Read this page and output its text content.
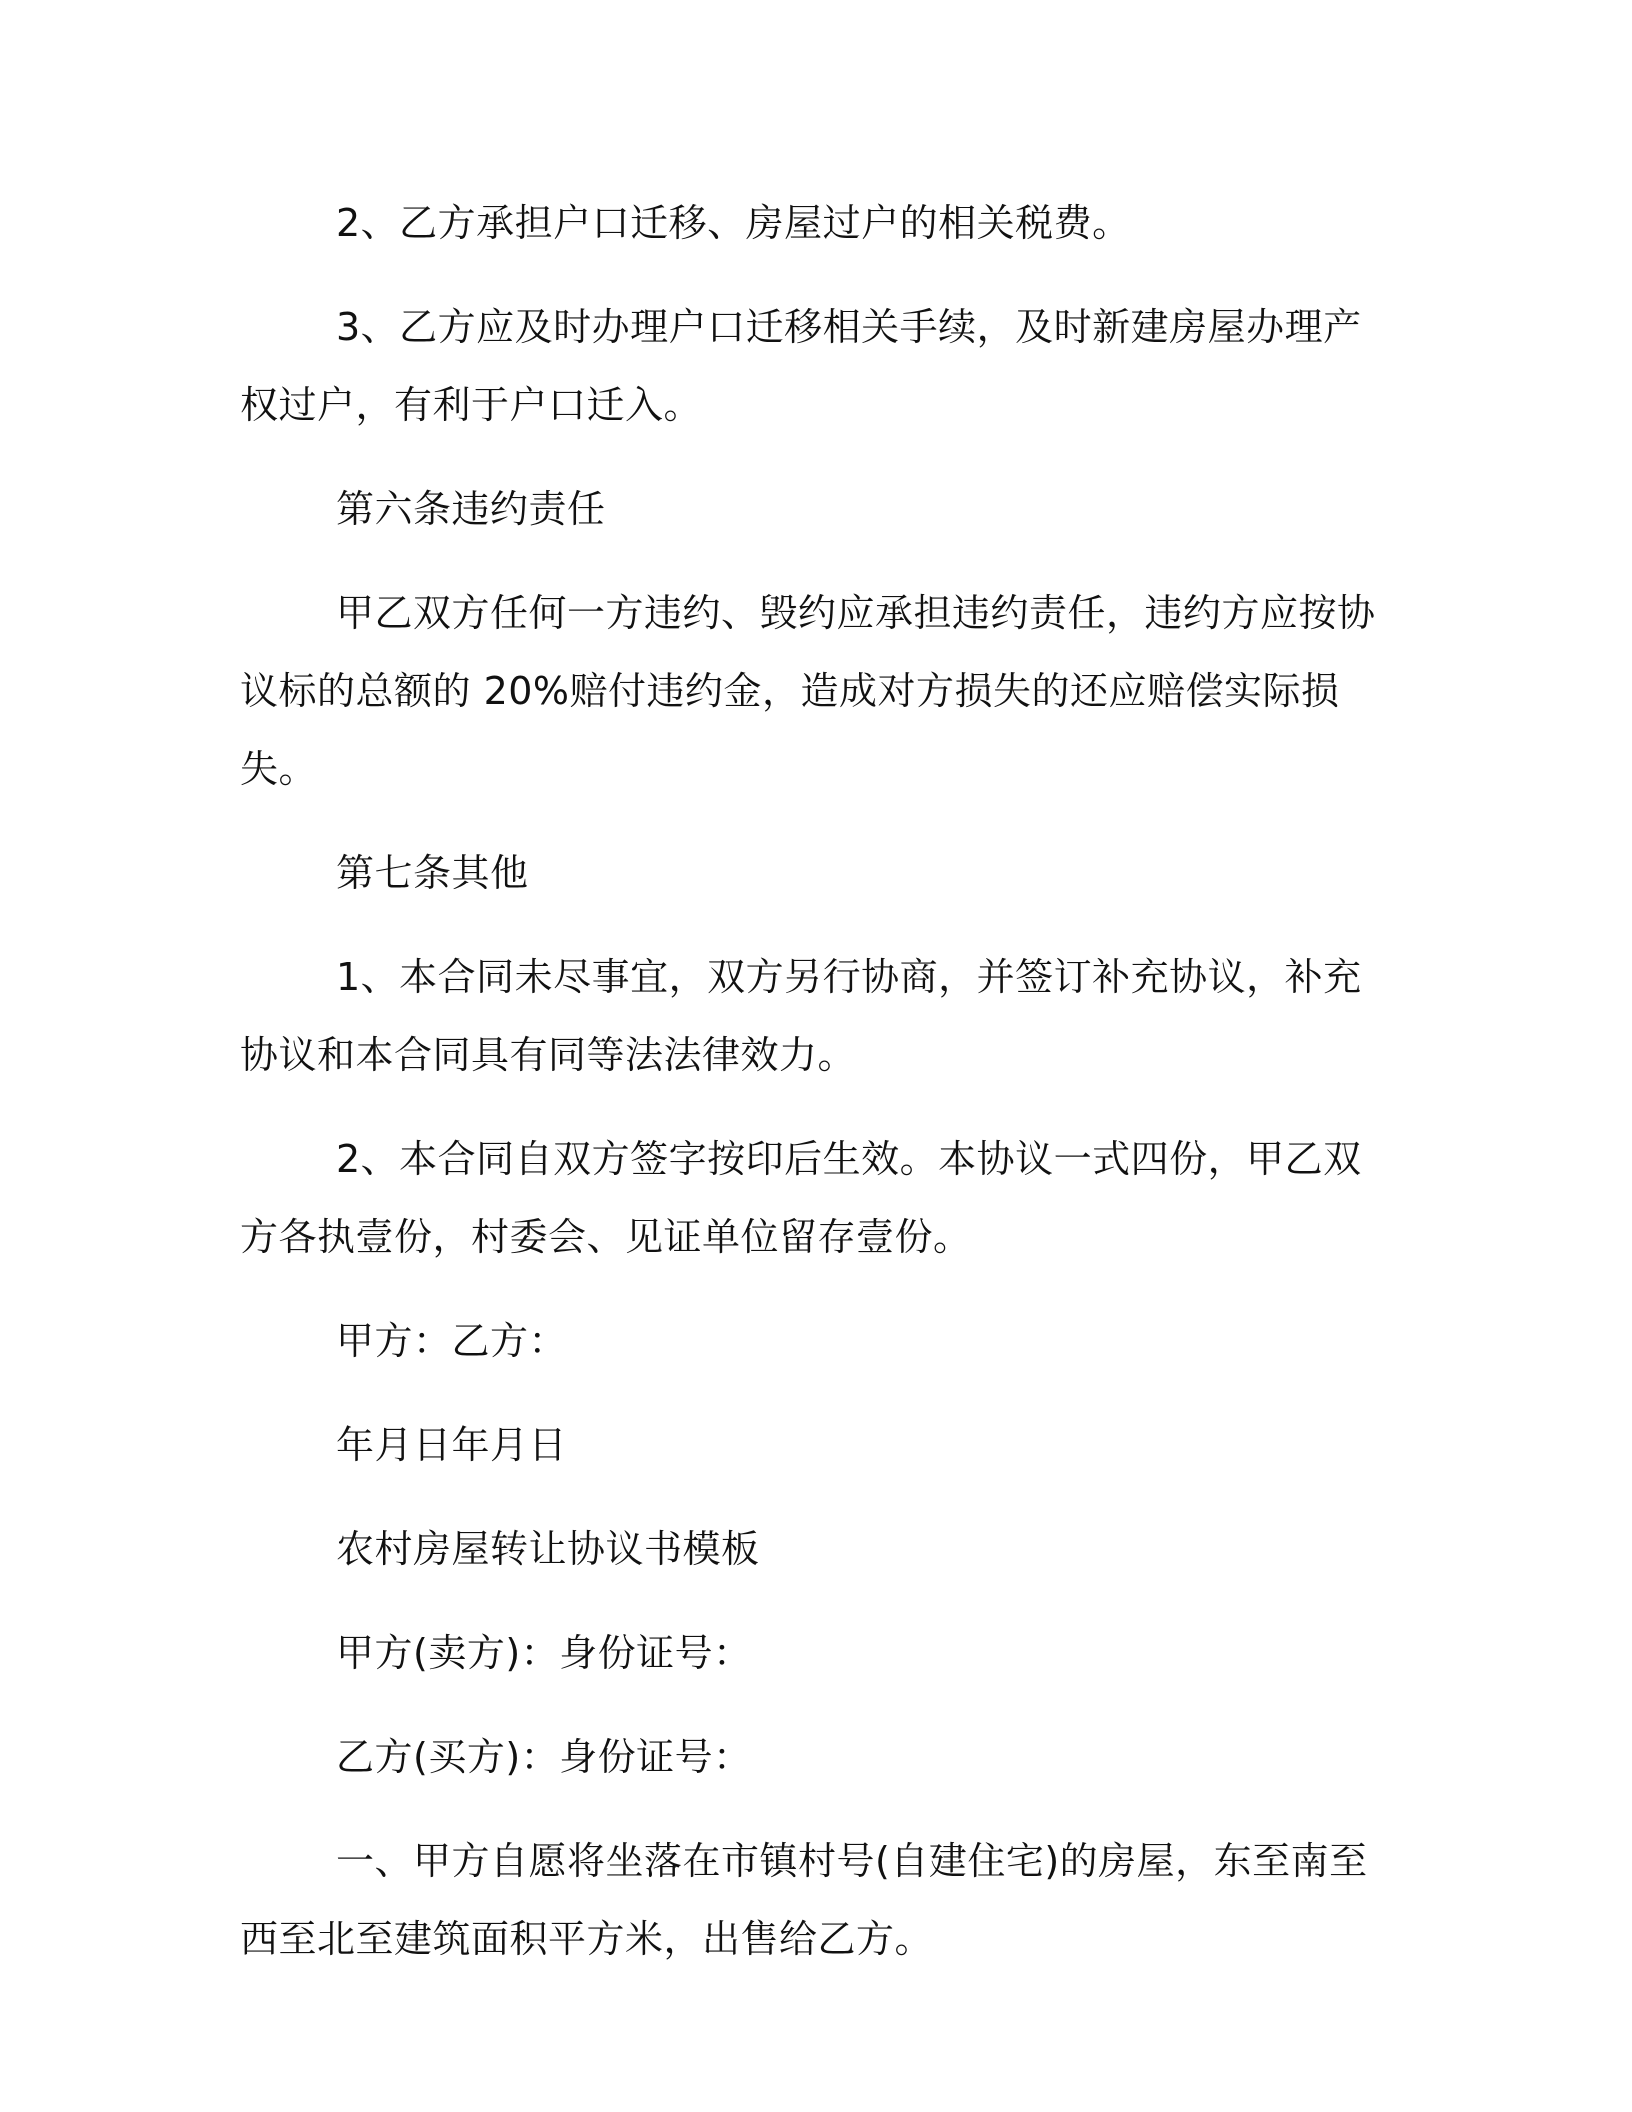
2、乙方承担户口迁移、房屋过户的相关税费。

3、乙方应及时办理户口迁移相关手续，及时新建房屋办理产权过户，有利于户口迁入。

第六条违约责任

甲乙双方任何一方违约、毁约应承担违约责任，违约方应按协议标的总额的 20%赔付违约金，造成对方损失的还应赔偿实际损失。

第七条其他

1、本合同未尽事宜，双方另行协商，并签订补充协议，补充协议和本合同具有同等法法律效力。

2、本合同自双方签字按印后生效。本协议一式四份，甲乙双方各执壹份，村委会、见证单位留存壹份。

甲方：乙方：

年月日年月日

农村房屋转让协议书模板

甲方(卖方)：身份证号：

乙方(买方)：身份证号：

一、甲方自愿将坐落在市镇村号(自建住宅)的房屋，东至南至西至北至建筑面积平方米，出售给乙方。
